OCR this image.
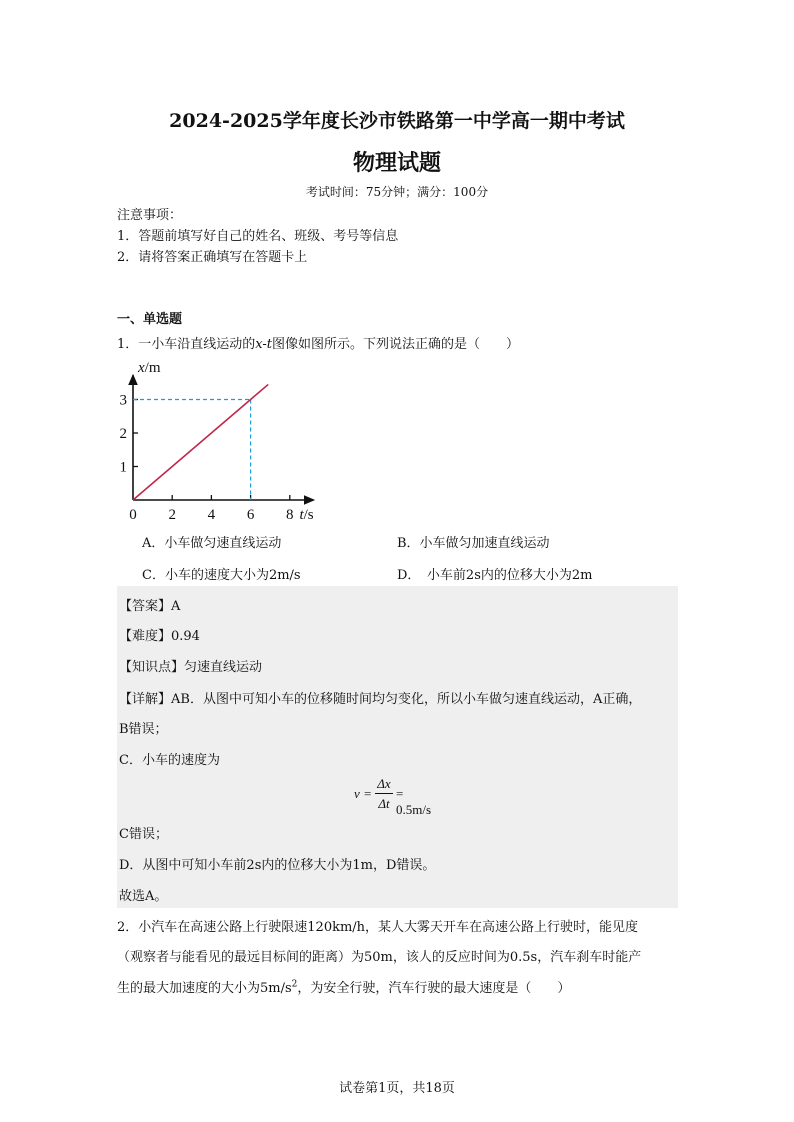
2024-2025学年度长沙市铁路第一中学高一期中考试
物理试题
考试时间：75分钟；满分：100分
注意事项：
1．答题前填写好自己的姓名、班级、考号等信息
2．请将答案正确填写在答题卡上
一、单选题
1．一小车沿直线运动的x-t图像如图所示。下列说法正确的是（　　）
2 4 6 8
1
2
3
0
x/m
t/s
A．小车做匀速直线运动	B．小车做匀加速直线运动
C．小车的速度大小为2m/s	D．　小车前2s内的位移大小为2m
【答案】A
【难度】0.94
【知识点】匀速直线运动
【详解】AB．从图中可知小车的位移随时间均匀变化，所以小车做匀速直线运动，A正确，
B错误；
C．小车的速度为
v =
Δx
Δt
= 0.5m/s
C错误；
D．从图中可知小车前2s内的位移大小为1m，D错误。
故选A。
2．小汽车在高速公路上行驶限速120km/h，某人大雾天开车在高速公路上行驶时，能见度
（观察者与能看见的最远目标间的距离）为50m，该人的反应时间为0.5s，汽车刹车时能产
生的最大加速度的大小为$5m/s^2$，为安全行驶，汽车行驶的最大速度是（　　）
试卷第1页，共18页
